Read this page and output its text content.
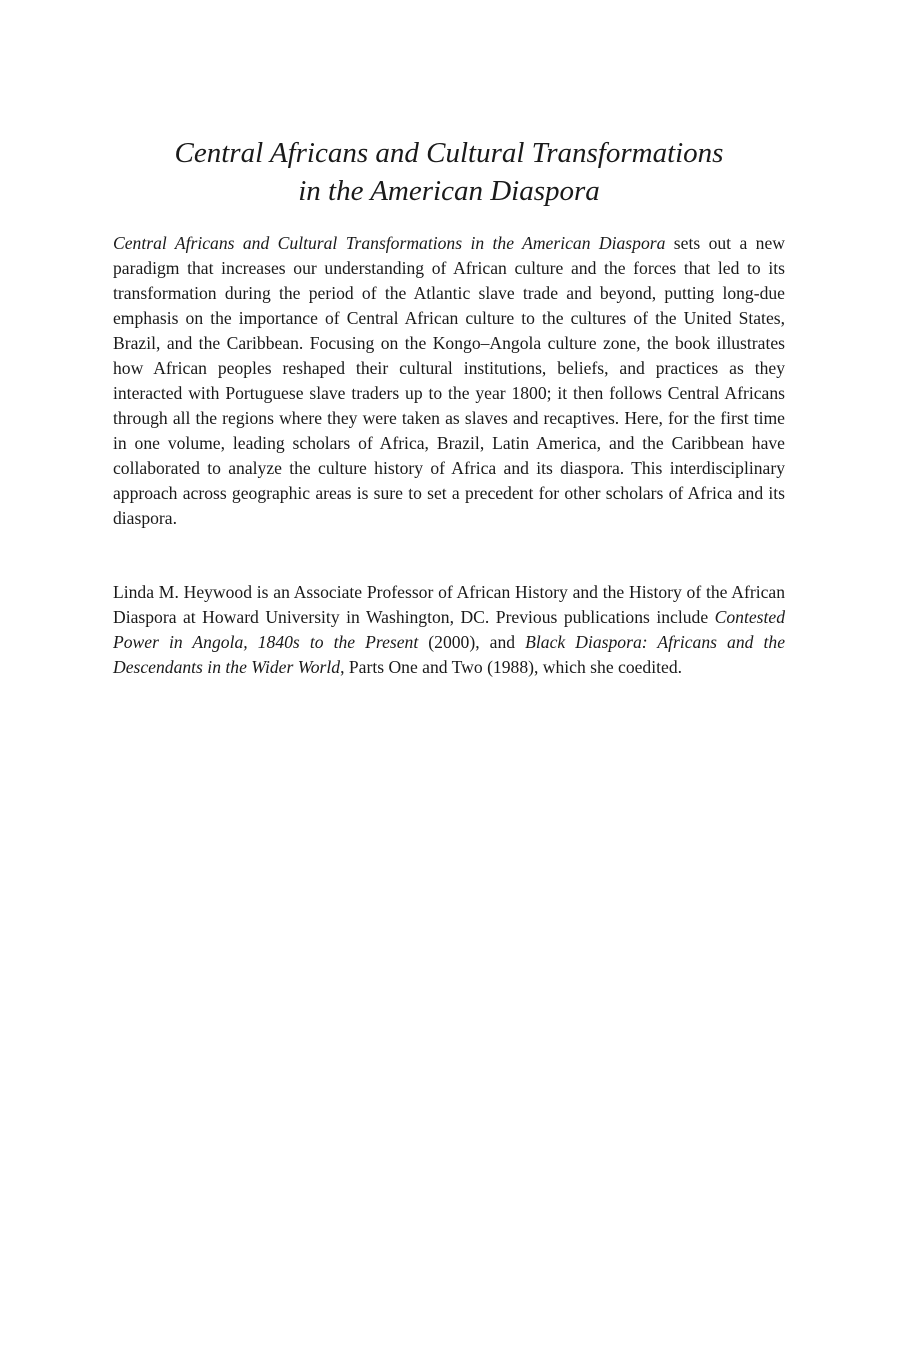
Central Africans and Cultural Transformations
in the American Diaspora

Central Africans and Cultural Transformations in the American Diaspora sets out a new paradigm that increases our understanding of African culture and the forces that led to its transformation during the period of the Atlantic slave trade and beyond, putting long-due emphasis on the importance of Central African culture to the cultures of the United States, Brazil, and the Caribbean. Focusing on the Kongo–Angola culture zone, the book illustrates how African peoples reshaped their cultural institutions, beliefs, and practices as they interacted with Portuguese slave traders up to the year 1800; it then follows Central Africans through all the regions where they were taken as slaves and recaptives. Here, for the first time in one volume, leading scholars of Africa, Brazil, Latin America, and the Caribbean have collaborated to analyze the culture history of Africa and its diaspora. This interdisciplinary approach across geographic areas is sure to set a precedent for other scholars of Africa and its diaspora.

Linda M. Heywood is an Associate Professor of African History and the History of the African Diaspora at Howard University in Washington, DC. Previous publications include Contested Power in Angola, 1840s to the Present (2000), and Black Diaspora: Africans and the Descendants in the Wider World, Parts One and Two (1988), which she coedited.
